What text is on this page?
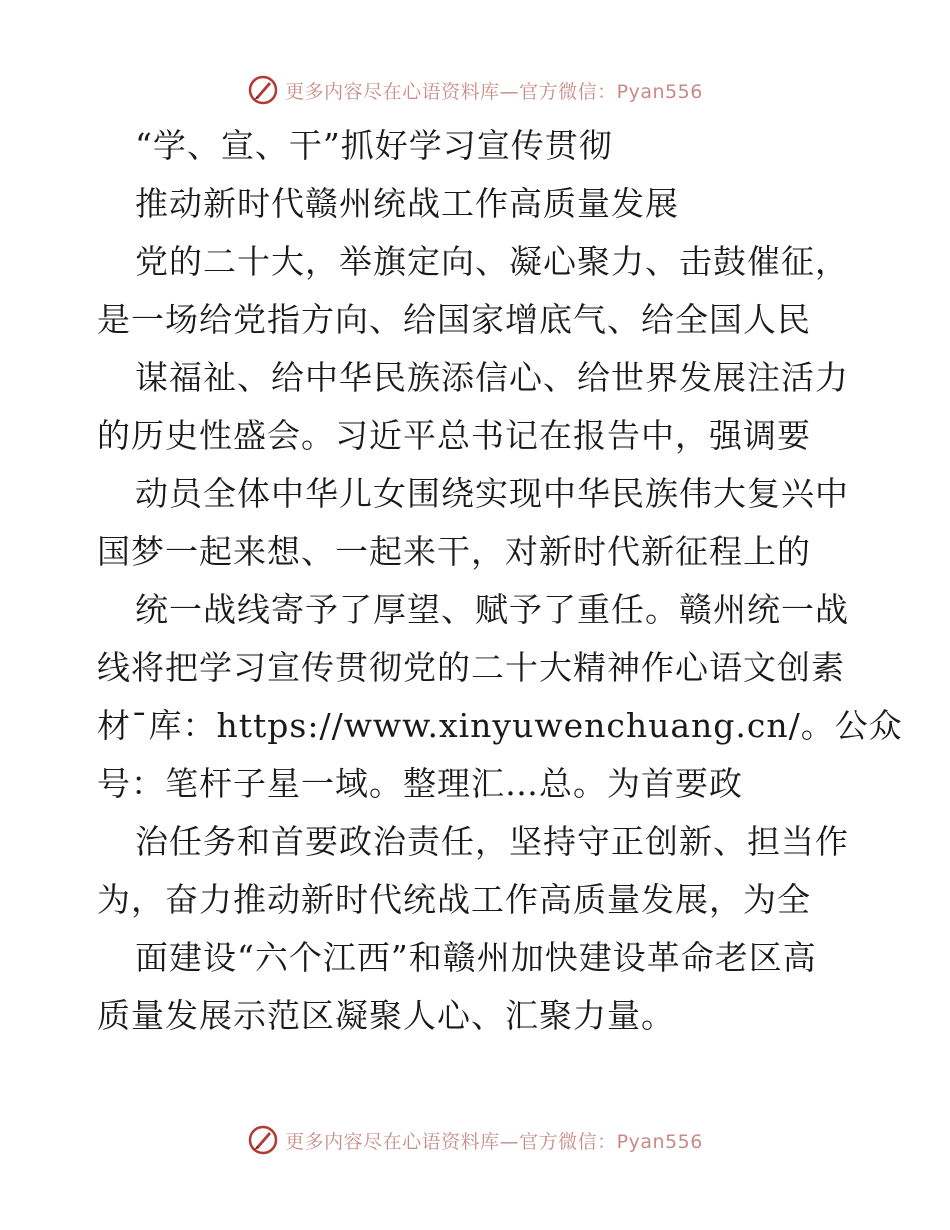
更多内容尽在心语资料库—官方微信：Pyan556
“学、宣、干”抓好学习宣传贯彻
推动新时代赣州统战工作高质量发展
党的二十大，举旗定向、凝心聚力、击鼓催征，
是一场给党指方向、给国家增底气、给全国人民
谋福祉、给中华民族添信心、给世界发展注活力
的历史性盛会。习近平总书记在报告中，强调要
动员全体中华儿女围绕实现中华民族伟大复兴中
国梦一起来想、一起来干，对新时代新征程上的
统一战线寄予了厚望、赋予了重任。赣州统一战
线将把学习宣传贯彻党的二十大精神作心语文创素
材¯库：https://www.xinyuwenchuang.cn/。公众
号：笔杆子星一域。整理汇…总。为首要政
治任务和首要政治责任，坚持守正创新、担当作
为，奋力推动新时代统战工作高质量发展，为全
面建设“六个江西”和赣州加快建设革命老区高
质量发展示范区凝聚人心、汇聚力量。
更多内容尽在心语资料库—官方微信：Pyan556
